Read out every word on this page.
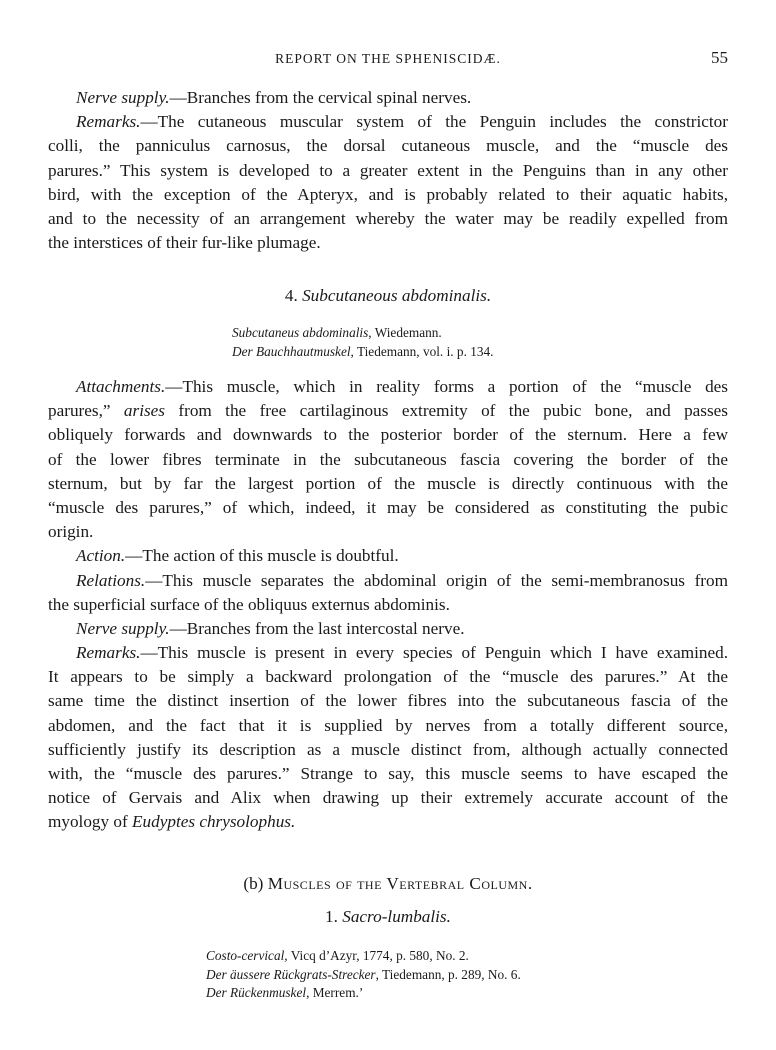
REPORT ON THE SPHENISCIDÆ.	55
Nerve supply.—Branches from the cervical spinal nerves.
Remarks.—The cutaneous muscular system of the Penguin includes the constrictor
colli, the panniculus carnosus, the dorsal cutaneous muscle, and the “muscle des
parures.” This system is developed to a greater extent in the Penguins than in any other
bird, with the exception of the Apteryx, and is probably related to their aquatic habits,
and to the necessity of an arrangement whereby the water may be readily expelled from
the interstices of their fur-like plumage.
4. Subcutaneous abdominalis.
Subcutaneus abdominalis, Wiedemann.
Der Bauchhautmuskel, Tiedemann, vol. i. p. 134.
Attachments.—This muscle, which in reality forms a portion of the “muscle des
parures,” arises from the free cartilaginous extremity of the pubic bone, and passes
obliquely forwards and downwards to the posterior border of the sternum. Here a few
of the lower fibres terminate in the subcutaneous fascia covering the border of the
sternum, but by far the largest portion of the muscle is directly continuous with the
“muscle des parures,” of which, indeed, it may be considered as constituting the pubic
origin.
Action.—The action of this muscle is doubtful.
Relations.—This muscle separates the abdominal origin of the semi-membranosus from
the superficial surface of the obliquus externus abdominis.
Nerve supply.—Branches from the last intercostal nerve.
Remarks.—This muscle is present in every species of Penguin which I have examined.
It appears to be simply a backward prolongation of the “muscle des parures.” At the
same time the distinct insertion of the lower fibres into the subcutaneous fascia of the
abdomen, and the fact that it is supplied by nerves from a totally different source,
sufficiently justify its description as a muscle distinct from, although actually connected
with, the “muscle des parures.” Strange to say, this muscle seems to have escaped the
notice of Gervais and Alix when drawing up their extremely accurate account of the
myology of Eudyptes chrysolophus.
(b) Muscles of the Vertebral Column.
1. Sacro-lumbalis.
Costo-cervical, Vicq d’Azyr, 1774, p. 580, No. 2.
Der äussere Rückgrats-Strecker, Tiedemann, p. 289, No. 6.
Der Rückenmuskel, Merrem.’
